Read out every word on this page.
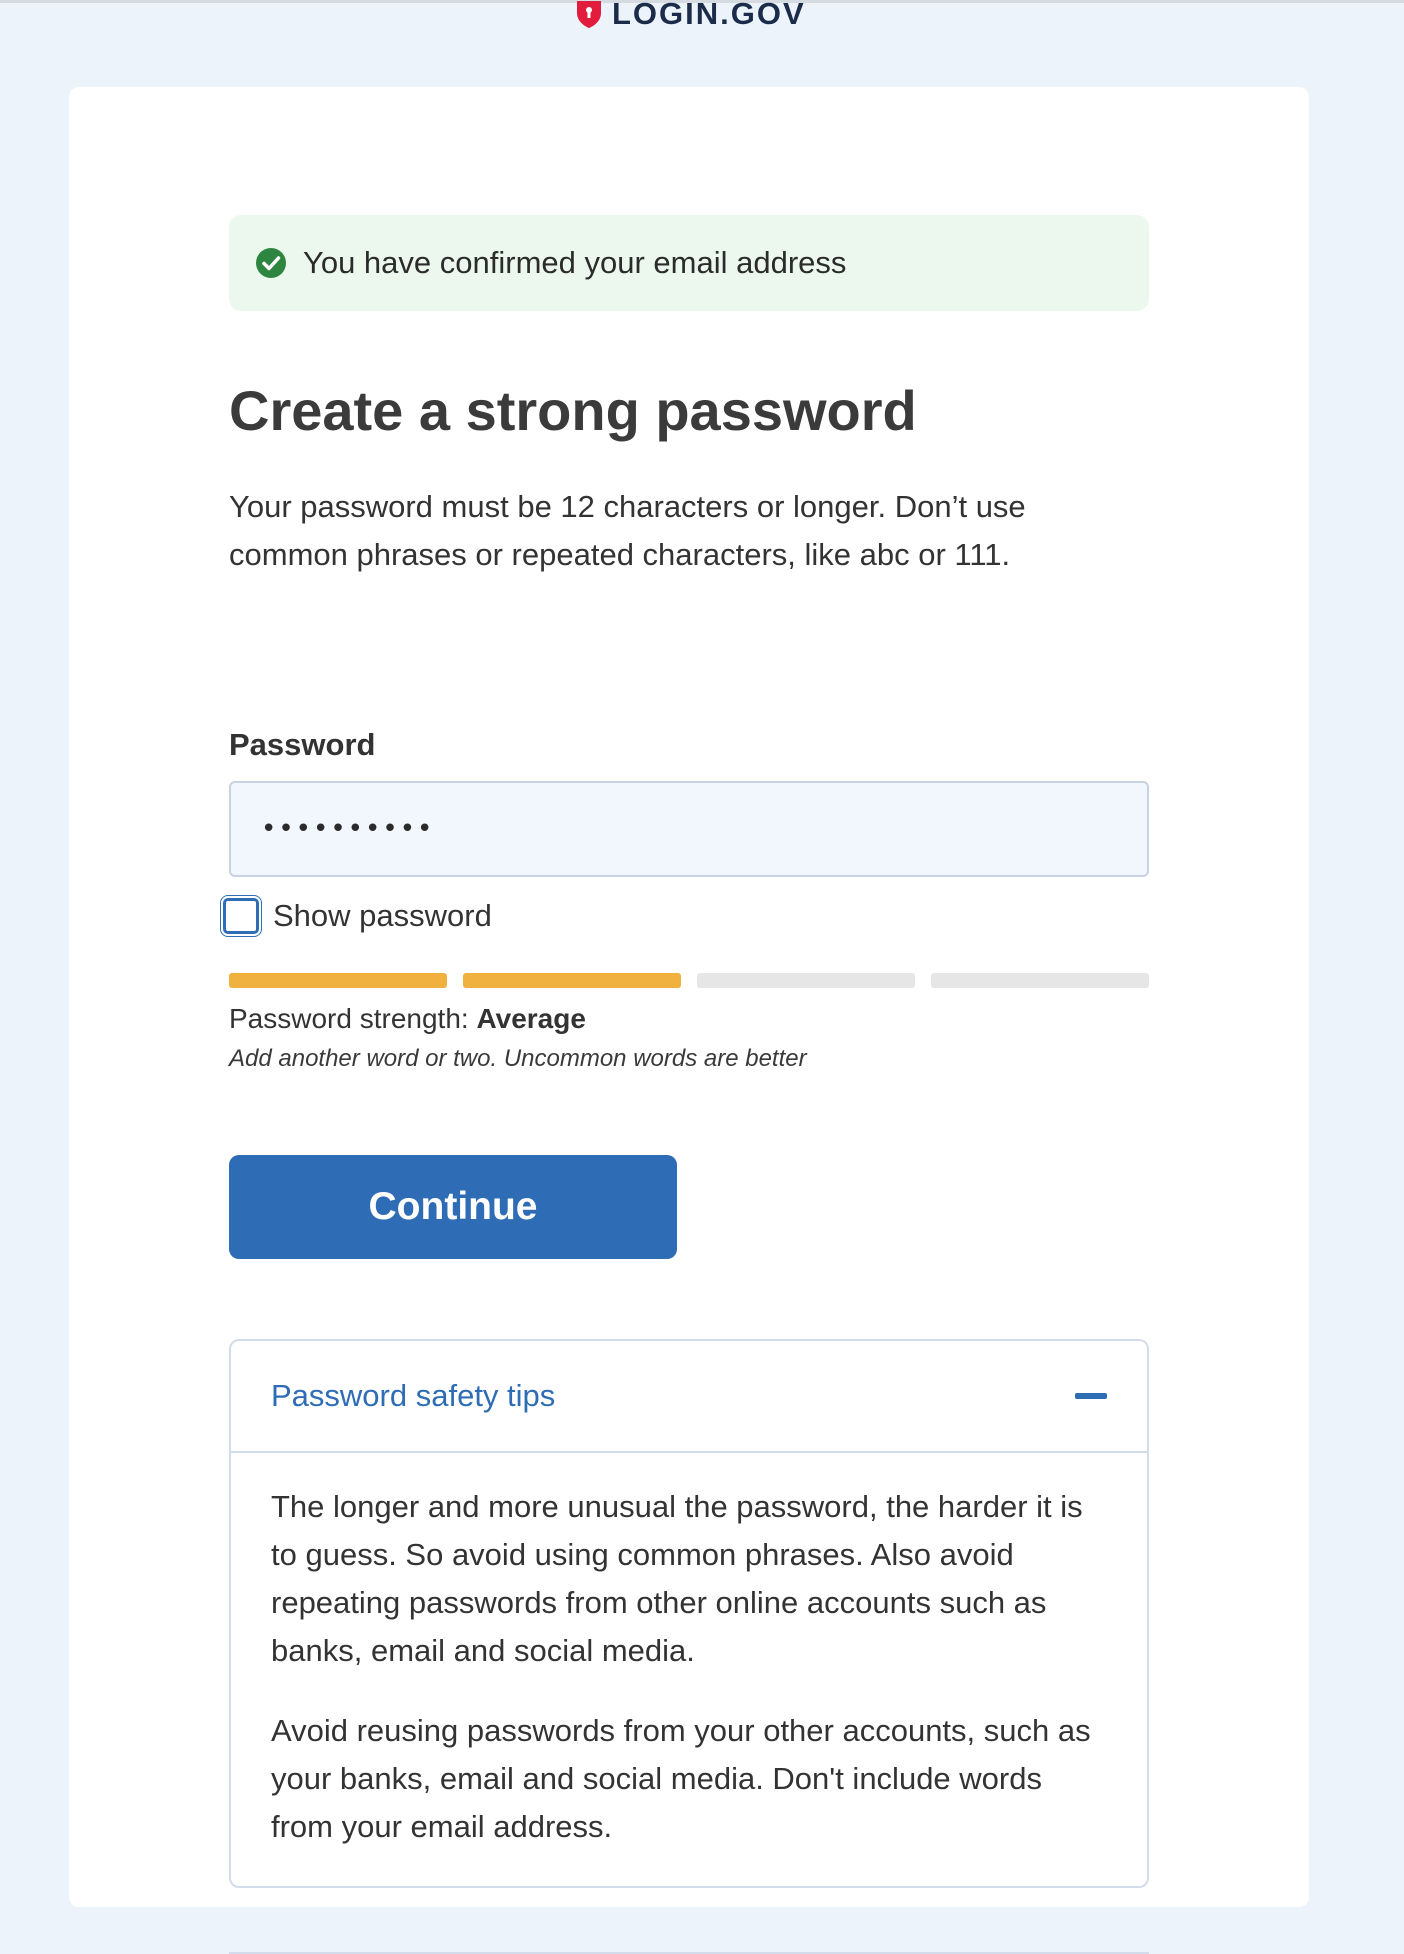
LOGIN.GOV
You have confirmed your email address
Create a strong password

Your password must be 12 characters or longer. Don’t use common phrases or repeated characters, like abc or 111.

Password
••••••••••
Show password
Password strength: Average
Add another word or two. Uncommon words are better
Continue
Password safety tips

The longer and more unusual the password, the harder it is to guess. So avoid using common phrases. Also avoid repeating passwords from other online accounts such as banks, email and social media.

Avoid reusing passwords from your other accounts, such as your banks, email and social media. Don't include words from your email address.
